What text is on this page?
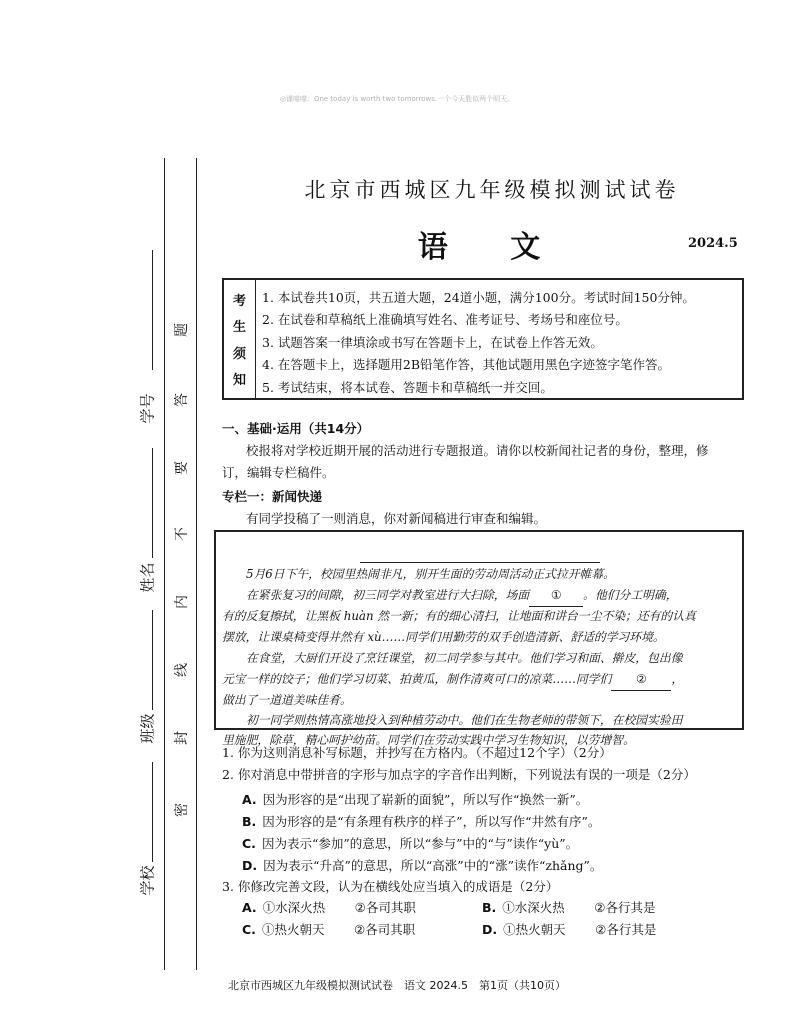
◎谨喵喵：One today is worth two tomorrows.一个今天胜似两个明天。
学号
姓名
班级
学校
密
封
线
内
不
要
答
题
北京市西城区九年级模拟测试试卷
语 文	2024.5
考
生
须
知
1. 本试卷共10页，共五道大题，24道小题，满分100分。考试时间150分钟。
2. 在试卷和草稿纸上准确填写姓名、准考证号、考场号和座位号。
3. 试题答案一律填涂或书写在答题卡上，在试卷上作答无效。
4. 在答题卡上，选择题用2B铅笔作答，其他试题用黑色字迹签字笔作答。
5. 考试结束，将本试卷、答题卡和草稿纸一并交回。
一、基础·运用（共14分）
校报将对学校近期开展的活动进行专题报道。请你以校新闻社记者的身份，整理，修
订，编辑专栏稿件。
专栏一：新闻快递
有同学投稿了一则消息，你对新闻稿进行审查和编辑。
5月6日下午，校园里热闹非凡，别开生面的劳动周活动正式拉开帷幕。
在紧张复习的间隙，初三同学对教室进行大扫除，场面 ① 。他们分工明确，
有的反复擦拭，让黑板 huàn 然一新；有的细心清扫，让地面和讲台一尘不染；还有的认真
摆放，让课桌椅变得井然有 xù……同学们用勤劳的双手创造清新、舒适的学习环境。
在食堂，大厨们开设了烹饪课堂，初二同学参与其中。他们学习和面、擀皮，包出像
元宝一样的饺子；他们学习切菜、拍黄瓜，制作清爽可口的凉菜……同学们 ② ，
做出了一道道美味佳肴。
初一同学则热情高涨地投入到种植劳动中。他们在生物老师的带领下，在校园实验田
里施肥，除草，精心呵护幼苗。同学们在劳动实践中学习生物知识，以劳增智。
1. 你为这则消息补写标题，并抄写在方格内。（不超过12个字）（2分）
2. 你对消息中带拼音的字形与加点字的字音作出判断，下列说法有误的一项是（2分）
A. 因为形容的是“出现了崭新的面貌”，所以写作“换然一新”。
B. 因为形容的是“有条理有秩序的样子”，所以写作“井然有序”。
C. 因为表示“参加”的意思，所以“参与”中的“与”读作“yù”。
D. 因为表示“升高”的意思，所以“高涨”中的“涨”读作“zhǎng”。
3. 你修改完善文段，认为在横线处应当填入的成语是（2分）
A. ①水深火热 ②各司其职	B. ①水深火热 ②各行其是
C. ①热火朝天 ②各司其职	D. ①热火朝天 ②各行其是
北京市西城区九年级模拟测试试卷　语文 2024.5　第1页（共10页）
